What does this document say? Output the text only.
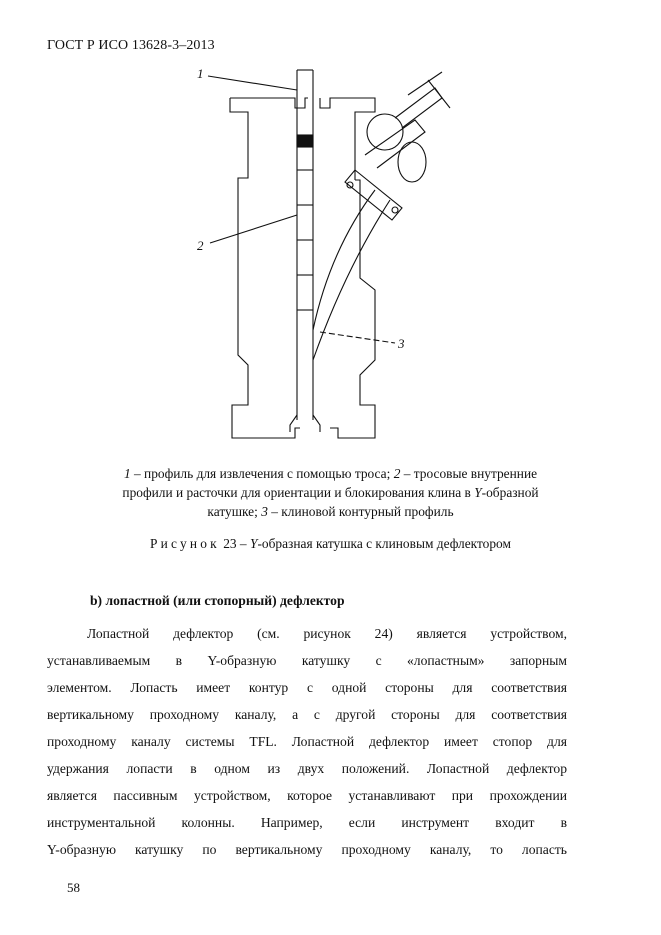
ГОСТ Р ИСО 13628-3–2013
1
2
3
1 – профиль для извлечения с помощью троса; 2 – тросовые внутренние
профили и расточки для ориентации и блокирования клина в Y-образной
катушке; 3 – клиновой контурный профиль
Рисунок 23 – Y-образная катушка с клиновым дефлектором
b) лопастной (или стопорный) дефлектор
Лопастной дефлектор (см. рисунок 24) является устройством,
устанавливаемым в Y-образную катушку с «лопастным» запорным
элементом. Лопасть имеет контур с одной стороны для соответствия
вертикальному проходному каналу, а с другой стороны для соответствия
проходному каналу системы TFL. Лопастной дефлектор имеет стопор для
удержания лопасти в одном из двух положений. Лопастной дефлектор
является пассивным устройством, которое устанавливают при прохождении
инструментальной колонны. Например, если инструмент входит в
Y-образную катушку по вертикальному проходному каналу, то лопасть
58
